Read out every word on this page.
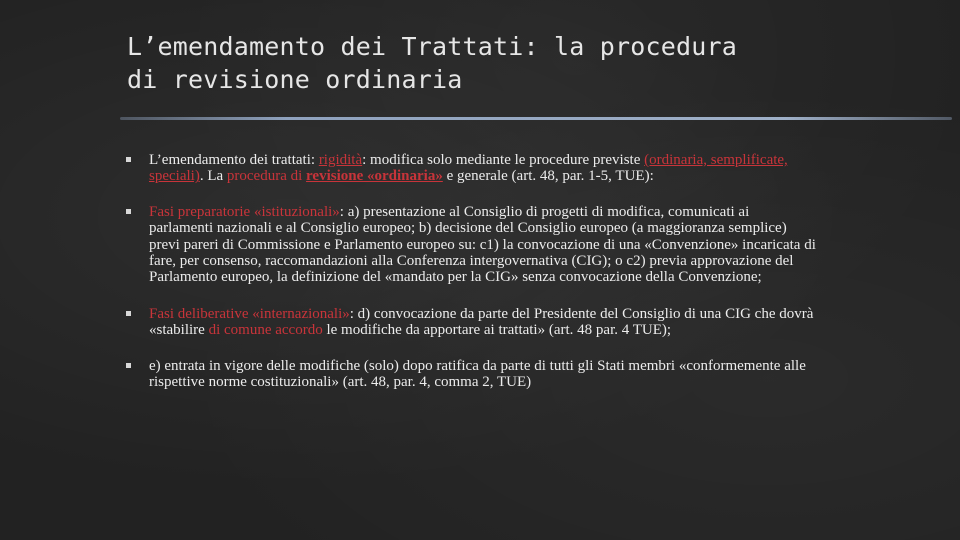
L’emendamento dei Trattati: la procedura
di revisione ordinaria
L’emendamento dei trattati: rigidità: modifica solo mediante le procedure previste (ordinaria, semplificate, speciali). La procedura di revisione «ordinaria» e generale (art. 48, par. 1-5, TUE):
Fasi preparatorie «istituzionali»: a) presentazione al Consiglio di progetti di modifica, comunicati ai parlamenti nazionali e al Consiglio europeo; b) decisione del Consiglio europeo (a maggioranza semplice) previ pareri di Commissione e Parlamento europeo su: c1) la convocazione di una «Convenzione» incaricata di fare, per consenso, raccomandazioni alla Conferenza intergovernativa (CIG); o c2) previa approvazione del Parlamento europeo, la definizione del «mandato per la CIG» senza convocazione della Convenzione;
Fasi deliberative «internazionali»: d) convocazione da parte del Presidente del Consiglio di una CIG che dovrà «stabilire di comune accordo le modifiche da apportare ai trattati» (art. 48 par. 4 TUE);
e) entrata in vigore delle modifiche (solo) dopo ratifica da parte di tutti gli Stati membri «conformemente alle rispettive norme costituzionali» (art. 48, par. 4, comma 2, TUE)
